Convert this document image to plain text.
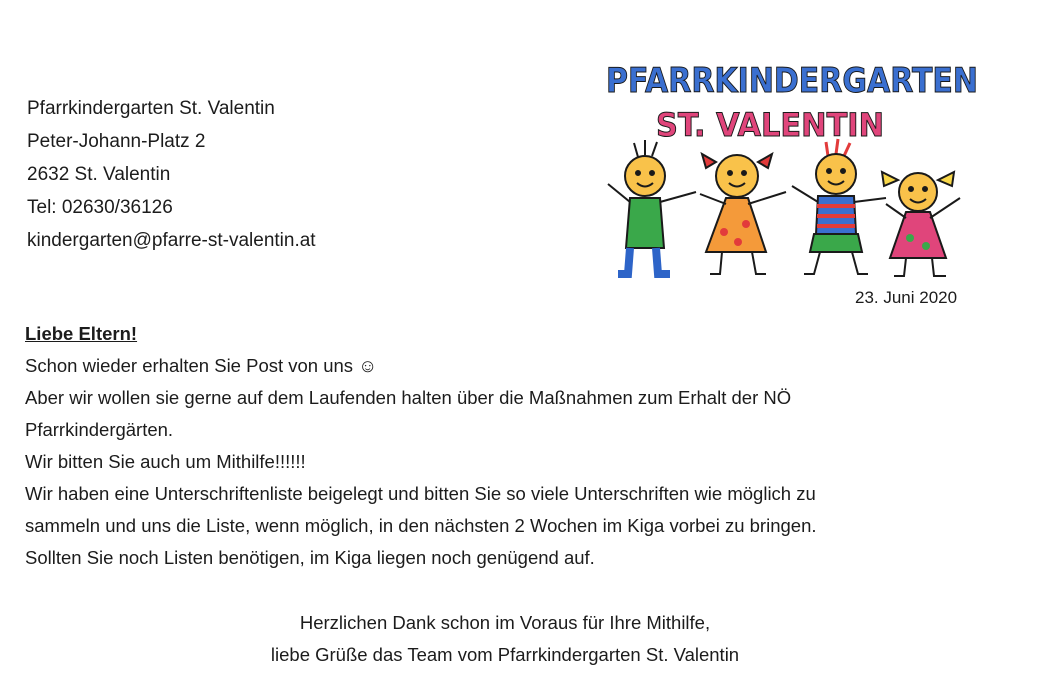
Pfarrkindergarten St. Valentin
Peter-Johann-Platz 2
2632 St. Valentin
Tel: 02630/36126
kindergarten@pfarre-st-valentin.at
PFARRKINDERGARTEN
ST. VALENTIN
23. Juni 2020
Liebe Eltern!
Schon wieder erhalten Sie Post von uns ☺
Aber wir wollen sie gerne auf dem Laufenden halten über die Maßnahmen zum Erhalt der NÖ
Pfarrkindergärten.
Wir bitten Sie auch um Mithilfe!!!!!!
Wir haben eine Unterschriftenliste beigelegt und bitten Sie so viele Unterschriften wie möglich zu
sammeln und uns die Liste, wenn möglich, in den nächsten 2 Wochen im Kiga vorbei zu bringen.
Sollten Sie noch Listen benötigen, im Kiga liegen noch genügend auf.
Herzlichen Dank schon im Voraus für Ihre Mithilfe,
liebe Grüße das Team vom Pfarrkindergarten St. Valentin
